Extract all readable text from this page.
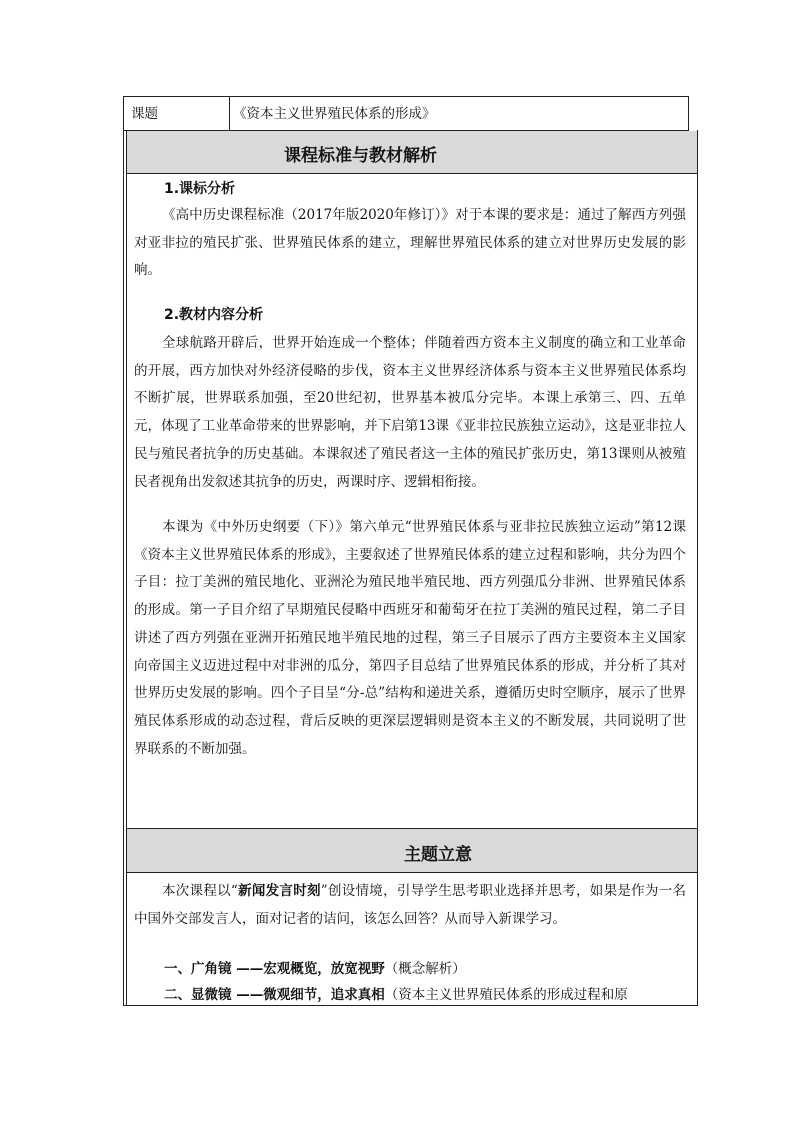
课题	《资本主义世界殖民体系的形成》
课程标准与教材解析
1.课标分析
《高中历史课程标准（2017年版2020年修订）》对于本课的要求是：通过了解西方列强对亚非拉的殖民扩张、世界殖民体系的建立，理解世界殖民体系的建立对世界历史发展的影响。
2.教材内容分析
全球航路开辟后，世界开始连成一个整体；伴随着西方资本主义制度的确立和工业革命的开展，西方加快对外经济侵略的步伐，资本主义世界经济体系与资本主义世界殖民体系均不断扩展，世界联系加强，至20世纪初，世界基本被瓜分完毕。本课上承第三、四、五单元，体现了工业革命带来的世界影响，并下启第13课《亚非拉民族独立运动》，这是亚非拉人民与殖民者抗争的历史基础。本课叙述了殖民者这一主体的殖民扩张历史，第13课则从被殖民者视角出发叙述其抗争的历史，两课时序、逻辑相衔接。
本课为《中外历史纲要（下）》第六单元“世界殖民体系与亚非拉民族独立运动”第12课《资本主义世界殖民体系的形成》，主要叙述了世界殖民体系的建立过程和影响，共分为四个子目：拉丁美洲的殖民地化、亚洲沦为殖民地半殖民地、西方列强瓜分非洲、世界殖民体系的形成。第一子目介绍了早期殖民侵略中西班牙和葡萄牙在拉丁美洲的殖民过程，第二子目讲述了西方列强在亚洲开拓殖民地半殖民地的过程，第三子目展示了西方主要资本主义国家向帝国主义迈进过程中对非洲的瓜分，第四子目总结了世界殖民体系的形成，并分析了其对世界历史发展的影响。四个子目呈“分-总”结构和递进关系，遵循历史时空顺序，展示了世界殖民体系形成的动态过程，背后反映的更深层逻辑则是资本主义的不断发展，共同说明了世界联系的不断加强。
主题立意
本次课程以“新闻发言时刻”创设情境，引导学生思考职业选择并思考，如果是作为一名中国外交部发言人，面对记者的诘问，该怎么回答？从而导入新课学习。
一、广角镜 ——宏观概览，放宽视野（概念解析）
二、显微镜 ——微观细节，追求真相（资本主义世界殖民体系的形成过程和原
